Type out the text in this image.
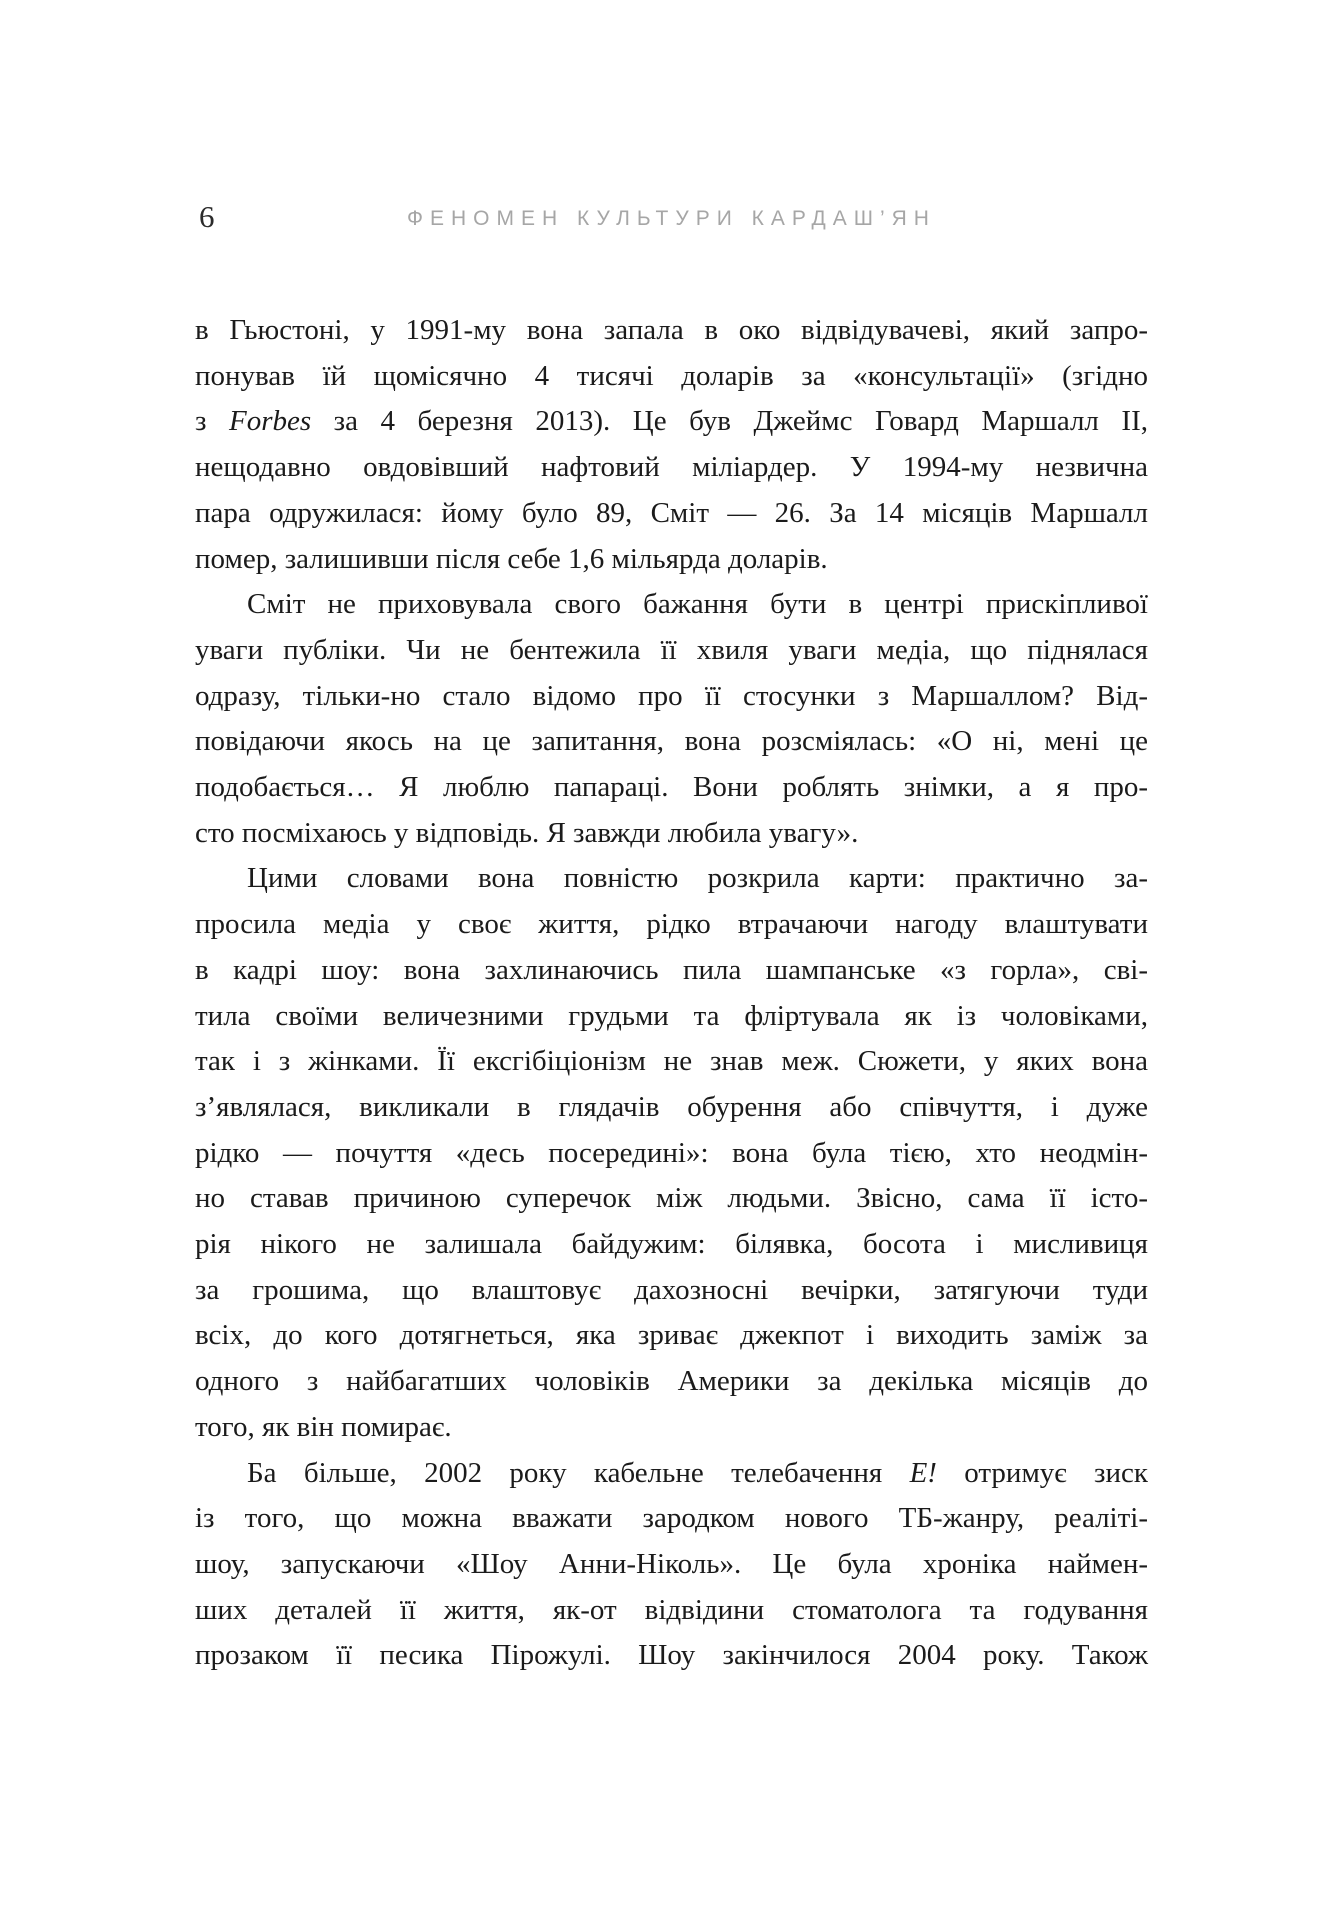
6	ФЕНОМЕН КУЛЬТУРИ КАРДАШ’ЯН
в Гьюстоні, у 1991-му вона запала в око відвідувачеві, який запро-
понував їй щомісячно 4 тисячі доларів за «консультації» (згідно
з Forbes за 4 березня 2013). Це був Джеймс Говард Маршалл II,
нещодавно овдовівший нафтовий міліардер. У 1994-му незвична
пара одружилася: йому було 89, Сміт — 26. За 14 місяців Маршалл
помер, залишивши після себе 1,6 мільярда доларів.
Сміт не приховувала свого бажання бути в центрі прискіпливої
уваги публіки. Чи не бентежила її хвиля уваги медіа, що піднялася
одразу, тільки-но стало відомо про її стосунки з Маршаллом? Від-
повідаючи якось на це запитання, вона розсміялась: «О ні, мені це
подобається… Я люблю папараці. Вони роблять знімки, а я про-
сто посміхаюсь у відповідь. Я завжди любила увагу».
Цими словами вона повністю розкрила карти: практично за-
просила медіа у своє життя, рідко втрачаючи нагоду влаштувати
в кадрі шоу: вона захлинаючись пила шампанське «з горла», сві-
тила своїми величезними грудьми та фліртувала як із чоловіками,
так і з жінками. Її ексгібіціонізм не знав меж. Сюжети, у яких вона
з’являлася, викликали в глядачів обурення або співчуття, і дуже
рідко — почуття «десь посередині»: вона була тією, хто неодмін-
но ставав причиною суперечок між людьми. Звісно, сама її істо-
рія нікого не залишала байдужим: білявка, босота і мисливиця
за грошима, що влаштовує дахозносні вечірки, затягуючи туди
всіх, до кого дотягнеться, яка зриває джекпот і виходить заміж за
одного з найбагатших чоловіків Америки за декілька місяців до
того, як він помирає.
Ба більше, 2002 року кабельне телебачення E! отримує зиск
із того, що можна вважати зародком нового ТБ-жанру, реаліті-
шоу, запускаючи «Шоу Анни-Ніколь». Це була хроніка наймен-
ших деталей її життя, як-от відвідини стоматолога та годування
прозаком її песика Пірожулі. Шоу закінчилося 2004 року. Також
